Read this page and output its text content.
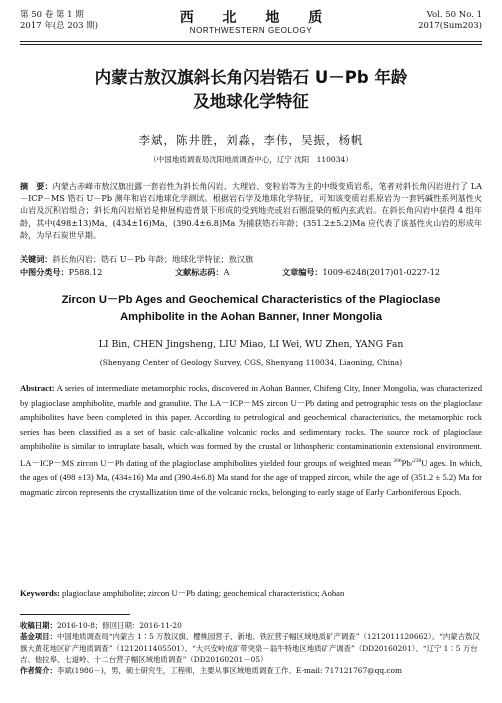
第 50 卷 第 1 期
2017 年(总 203 期)	西 北 地 质
NORTHWESTERN GEOLOGY
Vol. 50 No. 1
2017(Sum203)
内蒙古敖汉旗斜长角闪岩锆石 U－Pb 年龄
及地球化学特征
李斌，陈井胜，刘淼，李伟，吴振，杨帆
（中国地质调查局沈阳地质调查中心，辽宁 沈阳　110034）
摘　要：内蒙古赤峰市敖汉旗出露一套岩性为斜长角闪岩、大理岩、变粒岩等为主的中级变质岩系，笔者对斜长角闪岩进行了 LA－ICP－MS 锆石 U－Pb 测年和岩石地球化学测试。根据岩石学及地球化学特征，可知该变质岩系原岩为一套钙碱性系列基性火山岩及沉积岩组合；斜长角闪岩原岩是伸展构造背景下形成的受到地壳或岩石圈混染的板内玄武岩。在斜长角闪岩中获得 4 组年龄，其中(498±13)Ma、(434±16)Ma、(390.4±6.8)Ma 为捕获锆石年龄；(351.2±5.2)Ma 应代表了该基性火山岩的形成年龄，为早石炭世早期。
关键词：斜长角闪岩；锆石 U－Pb 年龄；地球化学特征；敖汉旗
中图分类号：P588.12	文献标志码：A	文章编号：1009-6248(2017)01-0227-12
Zircon U－Pb Ages and Geochemical Characteristics of the Plagioclase
Amphibolite in the Aohan Banner, Inner Mongolia
LI Bin, CHEN Jingsheng, LIU Miao, LI Wei, WU Zhen, YANG Fan
(Shenyang Center of Geology Survey, CGS, Shenyang 110034, Liaoning, China)
Abstract: A series of intermediate metamorphic rocks, discovered in Aohan Banner, Chifeng City, Inner Mongolia, was characterized by plagioclase amphibolite, marble and granulite. The LA－ICP－MS zircon U－Pb dating and petrographic tests on the plagioclase amphibolites have been completed in this paper. According to petrological and geochemical characteristics, the metamorphic rock series has been classified as a set of basic calc-alkaline volcanic rocks and sedimentary rocks. The source rock of plagioclase amphibolite is similar to intraplate basalt, which was formed by the crustal or lithospheric contaminationin extensional environment. LA－ICP－MS zircon U－Pb dating of the plagioclase amphibolites yielded four groups of weighted mean $^{206}$Pb/$^{238}$U ages. In which, the ages of (498 ±13) Ma, (434±16) Ma and (390.4±6.8) Ma stand for the age of trapped zircon, while the age of (351.2 ± 5.2) Ma for magmatic zircon represents the crystallization time of the volcanic rocks, belonging to early stage of Early Carboniferous Epoch.
Keywords: plagioclase amphibolite; zircon U－Pb dating; geochemical characteristics; Aohan

收稿日期：2016-10-8；修回日期：2016-11-20

基金项目：中国地质调查局“内蒙古 1∶5 万敖汉旗、樱桃园营子、新地、铁匠营子幅区域地质矿产调查”（1212011120662）、“内蒙古敖汉旗大黄花地区矿产地质调查”（1212011405501）、“大兴安岭成矿带突泉－翁牛特地区地质矿产调查”（DD20160201）、“辽宁 1∶5 万台吉、他拉皋、七道岭、十二台营子幅区域地质调查”（DD20160201－05）

作者简介：李斌(1986－)，男，硕士研究生，工程师，主要从事区域地质调查工作。E-mail: 717121767@qq.com
